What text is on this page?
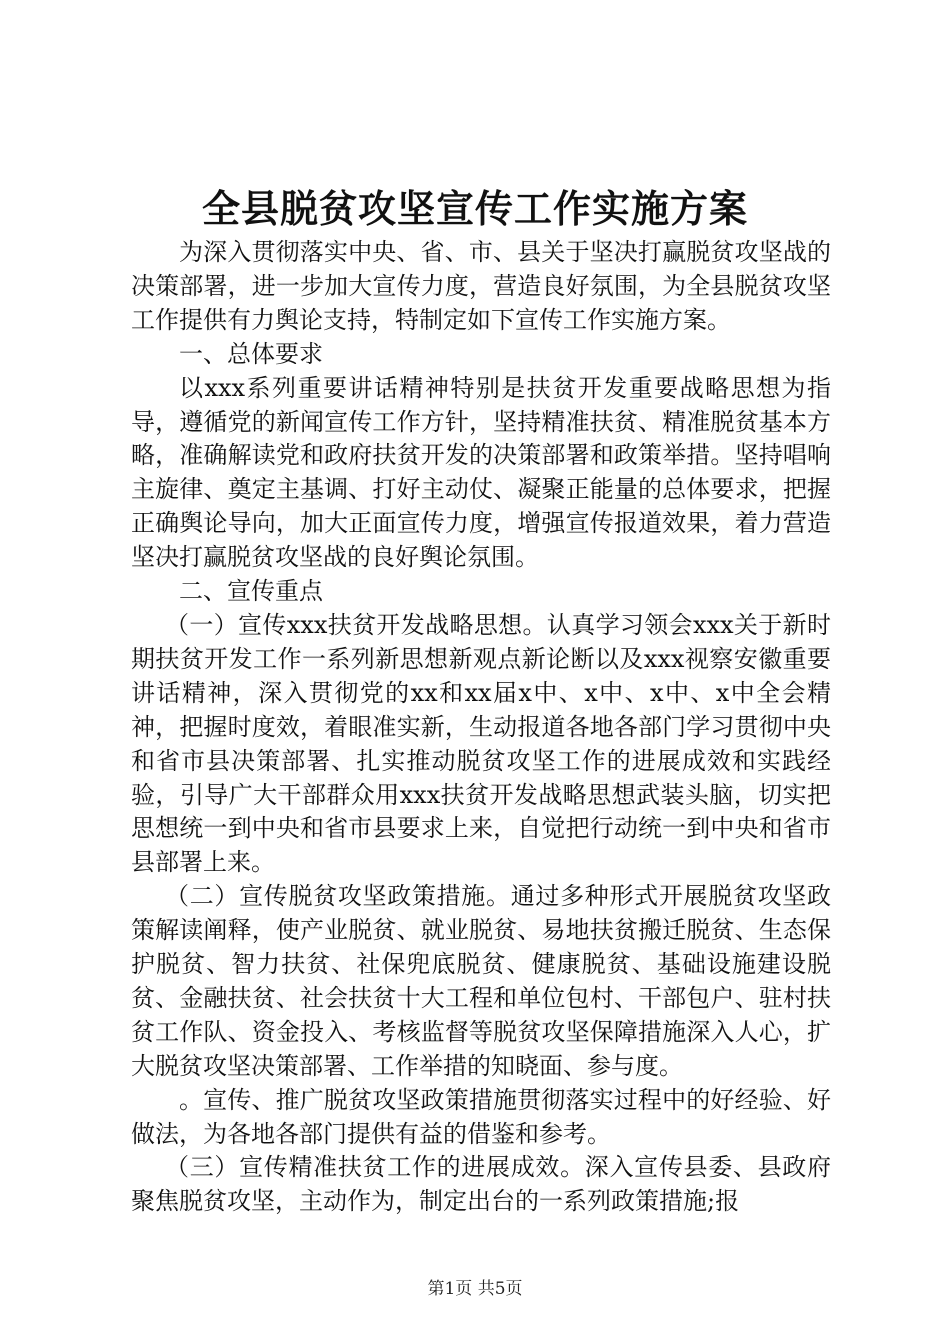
全县脱贫攻坚宣传工作实施方案

为深入贯彻落实中央、省、市、县关于坚决打赢脱贫攻坚战的决策部署，进一步加大宣传力度，营造良好氛围，为全县脱贫攻坚工作提供有力舆论支持，特制定如下宣传工作实施方案。

一、总体要求

以xxx系列重要讲话精神特别是扶贫开发重要战略思想为指导，遵循党的新闻宣传工作方针，坚持精准扶贫、精准脱贫基本方略，准确解读党和政府扶贫开发的决策部署和政策举措。坚持唱响主旋律、奠定主基调、打好主动仗、凝聚正能量的总体要求，把握正确舆论导向，加大正面宣传力度，增强宣传报道效果，着力营造坚决打赢脱贫攻坚战的良好舆论氛围。

二、宣传重点

（一）宣传xxx扶贫开发战略思想。认真学习领会xxx关于新时期扶贫开发工作一系列新思想新观点新论断以及xxx视察安徽重要讲话精神，深入贯彻党的xx和xx届x中、x中、x中、x中全会精神，把握时度效，着眼准实新，生动报道各地各部门学习贯彻中央和省市县决策部署、扎实推动脱贫攻坚工作的进展成效和实践经验，引导广大干部群众用xxx扶贫开发战略思想武装头脑，切实把思想统一到中央和省市县要求上来，自觉把行动统一到中央和省市县部署上来。

（二）宣传脱贫攻坚政策措施。通过多种形式开展脱贫攻坚政策解读阐释，使产业脱贫、就业脱贫、易地扶贫搬迁脱贫、生态保护脱贫、智力扶贫、社保兜底脱贫、健康脱贫、基础设施建设脱贫、金融扶贫、社会扶贫十大工程和单位包村、干部包户、驻村扶贫工作队、资金投入、考核监督等脱贫攻坚保障措施深入人心，扩大脱贫攻坚决策部署、工作举措的知晓面、参与度。

。宣传、推广脱贫攻坚政策措施贯彻落实过程中的好经验、好做法，为各地各部门提供有益的借鉴和参考。

（三）宣传精准扶贫工作的进展成效。深入宣传县委、县政府聚焦脱贫攻坚，主动作为，制定出台的一系列政策措施;报

第1页 共5页
